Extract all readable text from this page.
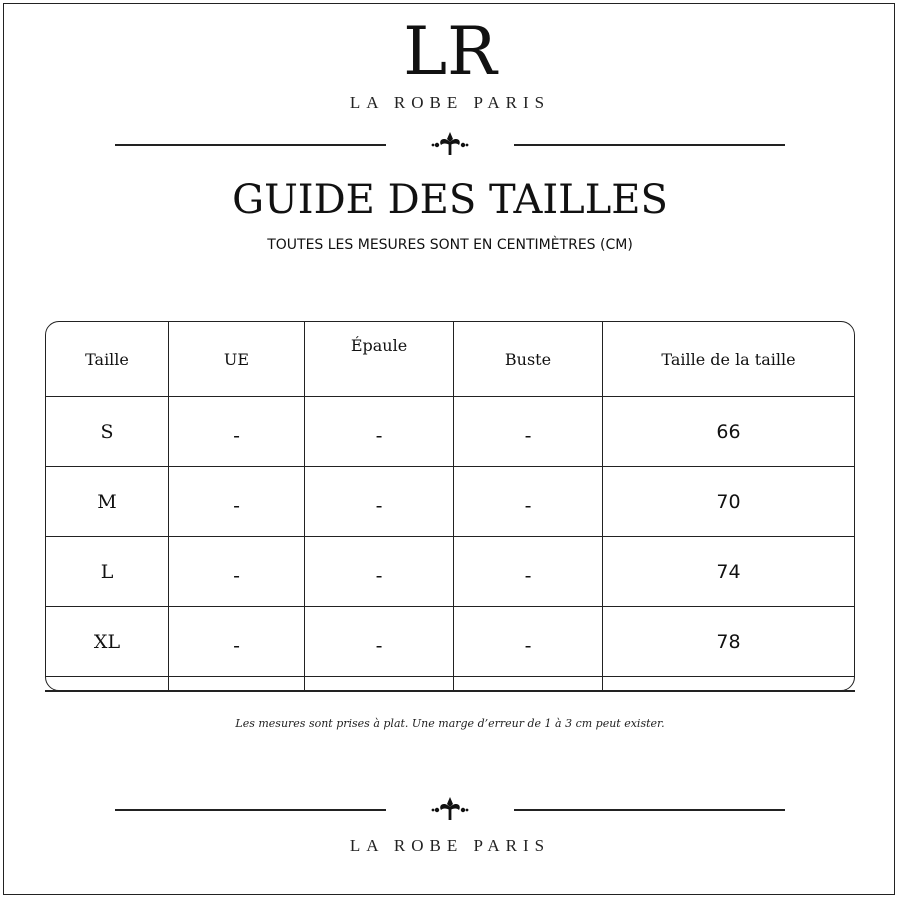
LR
LA ROBE PARIS
GUIDE DES TAILLES
TOUTES LES MESURES SONT EN CENTIMÈTRES (CM)
Taille	UE	Épaule	Buste	Taille de la taille
S	-	-	-	66
M	-	-	-	70
L	-	-	-	74
XL	-	-	-	78

Les mesures sont prises à plat. Une marge d’erreur de 1 à 3 cm peut exister.
LA ROBE PARIS
